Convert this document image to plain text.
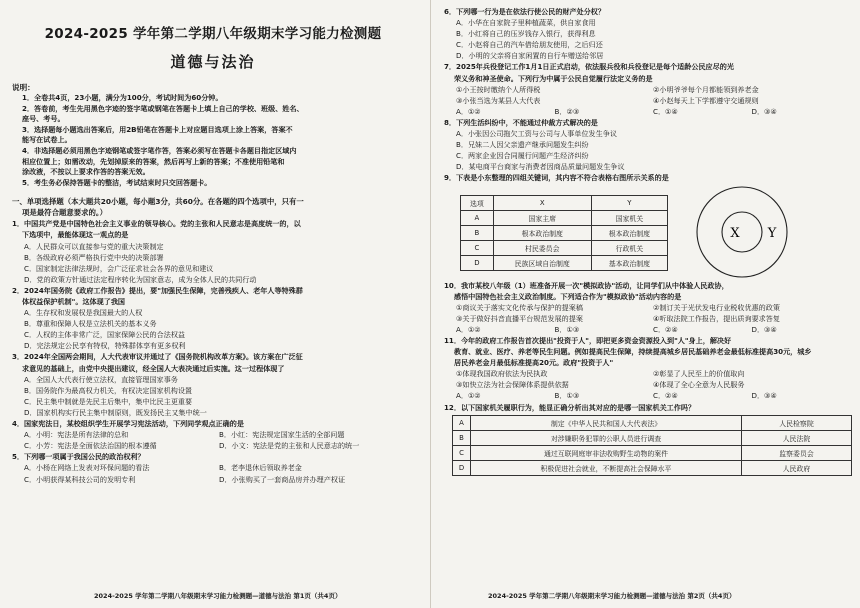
2024-2025 学年第二学期八年级期末学习能力检测题
道德与法治
说明：
1．全卷共4页，23小题，满分为100分，考试时间为60分钟。
2．答卷前，考生先用黑色字迹的签字笔或钢笔在答题卡上填上自己的学校、班级、姓名、
座号、考号。
3．选择题每小题选出答案后，用2B铅笔在答题卡上对应题目选项上涂上答案，答案不
能写在试卷上。
4．非选择题必须用黑色字迹钢笔或签字笔作答，答案必须写在答题卡各题目指定区域内
相应位置上；如需改动，先划掉原来的答案，然后再写上新的答案；不准使用铅笔和
涂改液，不按以上要求作答的答案无效。
5．考生务必保持答题卡的整洁，考试结束时只交回答题卡。
一、单项选择题（本大题共20小题，每小题3分，共60分。在各题的四个选项中，只有一
项是最符合题意要求的。）
1．中国共产党是中国特色社会主义事业的领导核心。党的主张和人民意志是高度统一的，以
下选项中，最能体现这一观点的是
A．人民群众可以直接参与党的重大决策制定
B．各级政府必须严格执行党中央的决策部署
C．国家制定法律法规时，会广泛征求社会各界的意见和建议
D．党的政策方针通过法定程序转化为国家意志，成为全体人民的共同行动
2．2024年国务院《政府工作报告》提出，要"加强民生保障，完善残疾人、老年人等特殊群
体权益保护机制"。这体现了我国
A．生存权和发展权是我国最大的人权
B．尊重和保障人权是立法机关的基本义务
C．人权的主体非常广泛，国家保障公民的合法权益
D．完法规定公民享有特权，特殊群体享有更多权利
3．2024年全国两会期间，人大代表审议并通过了《国务院机构改革方案》。该方案在广泛征
求意见的基础上，由党中央提出建议，经全国人大表决通过后实施。这一过程体现了
A．全国人大代表行使立法权，直接管理国家事务
B．国务院作为最高权力机关，有权决定国家机构设置
C．民主集中制就是先民主后集中，集中比民主更重要
D．国家机构实行民主集中制原则，既发扬民主又集中统一
4．国家宪法日，某校组织学生开展学习宪法活动，下列同学观点正确的是
A．小明：宪法是所有法律的总和	B．小红：宪法规定国家生活的全部问题
C．小芳：宪法是全面依法治国的根本遵循	D．小文：宪法是党的主张和人民意志的统一
5．下列哪一项属于我国公民的政治权利？
A．小杨在网络上发表对环保问题的看法	B．老李退休后领取养老金
C．小明获得某科技公司的发明专利	D．小张购买了一套商品房并办理产权证
2024-2025 学年第二学期八年级期末学习能力检测题—道德与法治 第1页（共4页）
6．下列哪一行为是在依法行使公民的财产处分权？
A．小华在自家院子里种植蔬菜，供自家食用
B．小红将自己的压岁钱存入银行，获得利息
C．小赵将自己的汽车借给朋友使用，之后归还
D．小明的父亲将自家闲置的自行车赠送给邻居
7．2025年兵役登记工作1月1日正式启动，依法服兵役和兵役登记是每个适龄公民应尽的光
荣义务和神圣使命。下列行为中属于公民自觉履行法定义务的是
①小王按时缴纳个人所得税	②小明爷爷每个月都能领到养老金
③小张当选为某县人大代表	④小赵每天上下学都遵守交通规则
A．①②	B．②③	C．①④	D．③④
8．下列生活纠纷中，不能通过仲裁方式解决的是
A．小张因公司拖欠工资与公司与人事单位发生争议
B．兄妹二人因父亲遗产继承问题发生纠纷
C．两家企业因合同履行问题产生经济纠纷
D．某电商平台商家与消费者因商品质量问题发生争议
9．下表是小东整理的四组关键词，其内容不符合表格右图所示关系的是
选项	X	Y
A	国家主席	国家机关
B	根本政治制度	根本政治制度
C	村民委员会	行政机关
D	民族区域自治制度	基本政治制度
X Y
10．我市某校八年级（1）班准备开展一次"模拟政协"活动，让同学们从中体验人民政协，
感悟中国特色社会主义政治制度。下列适合作为"模拟政协"活动内容的是
①商议关于落实文化传承与保护的提案稿	②制订关于光伏发电行业税收优惠的政策
③关于做好抖音直播平台规范发展的提案	④听取法院工作报告，提出质询要求答复
A．①②	B．①③	C．②④	D．③④
11．今年的政府工作报告首次提出"投资于人"，即把更多资金资源投入到"人"身上，解决好
教育、就业、医疗、养老等民生问题。例如提高民生保障，持续提高城乡居民基础养老金最低标准提高30元，城乡
居民养老金月最低标准提高20元。政府"投资于人"
①体现我国政府依法为民执政	②彰显了人民至上的价值取向
③如快立法为社会保障体系提供依据	④体现了全心全意为人民服务
A．①②	B．①③	C．②④	D．③④
12．以下国家机关履职行为，能显正确分析出其对应的是哪一国家机关工作吗？
A	制定《中华人民共和国人大代表法》	人民检察院
B	对涉嫌职务犯罪的公职人员进行调查	人民法院
C	通过互联网庭审非法收购野生动物的案件	监察委员会
D	积极促进社会就业，不断提高社会保障水平	人民政府
2024-2025 学年第二学期八年级期末学习能力检测题—道德与法治 第2页（共4页）
